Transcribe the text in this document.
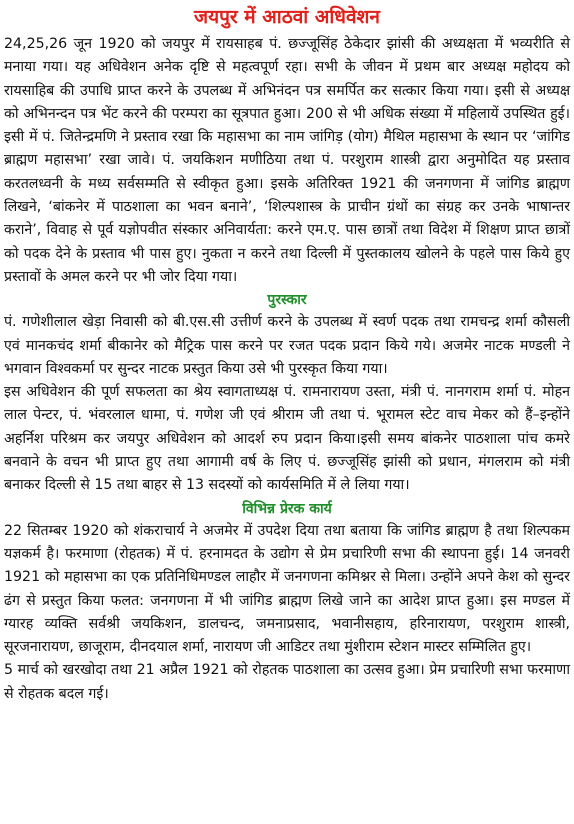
जयपुर में आठवां अधिवेशन

24,25,26 जून 1920 को जयपुर में रायसाहब पं. छज्जूसिंह ठेकेदार झांसी की अध्यक्षता में भव्यरीति से मनाया गया। यह अधिवेशन अनेक दृष्टि से महत्वपूर्ण रहा। सभी के जीवन में प्रथम बार अध्यक्ष महोदय को रायसाहिब की उपाधि प्राप्त करने के उपलब्ध में अभिनंदन पत्र समर्पित कर सत्कार किया गया। इसी से अध्यक्ष को अभिनन्दन पत्र भेंट करने की परम्परा का सूत्रपात हुआ। 200 से भी अधिक संख्या में महिलायें उपस्थित हुई। इसी में पं. जितेन्द्रमणि ने प्रस्ताव रखा कि महासभा का नाम जांगिड़ (योग) मैथिल महासभा के स्थान पर ‘जांगिड ब्राह्मण महासभा’ रखा जावे। पं. जयकिशन मणीठिया तथा पं. परशुराम शास्त्री द्वारा अनुमोदित यह प्रस्ताव करतलध्वनी के मध्य सर्वसम्मति से स्वीकृत हुआ। इसके अतिरिक्त 1921 की जनगणना में जांगिड ब्राह्मण लिखने, ‘बांकनेर में पाठशाला का भवन बनाने’, ‘शिल्पशास्त्र के प्राचीन ग्रंथों का संग्रह कर उनके भाषान्तर कराने’, विवाह से पूर्व यज्ञोपवीत संस्कार अनिवार्यता: करने एम.ए. पास छात्रों तथा विदेश में शिक्षण प्राप्त छात्रों को पदक देने के प्रस्ताव भी पास हुए। नुकता न करने तथा दिल्ली में पुस्तकालय खोलने के पहले पास किये हुए प्रस्तावों के अमल करने पर भी जोर दिया गया।

पुरस्कार

पं. गणेशीलाल खेड़ा निवासी को बी.एस.सी उत्तीर्ण करने के उपलब्ध में स्वर्ण पदक तथा रामचन्द्र शर्मा कौसली एवं मानकचंद शर्मा बीकानेर को मैट्रिक पास करने पर रजत पदक प्रदान किये गये। अजमेर नाटक मण्डली ने भगवान विश्वकर्मा पर सुन्दर नाटक प्रस्तुत किया उसे भी पुरस्कृत किया गया।

इस अधिवेशन की पूर्ण सफलता का श्रेय स्वागताध्यक्ष पं. रामनारायण उस्ता, मंत्री पं. नानगराम शर्मा पं. मोहन लाल पेन्टर, पं. भंवरलाल धामा, पं. गणेश जी एवं श्रीराम जी तथा पं. भूरामल स्टेट वाच मेकर को हैं–इन्होंने अहर्निश परिश्रम कर जयपुर अधिवेशन को आदर्श रुप प्रदान किया।इसी समय बांकनेर पाठशाला पांच कमरे बनवाने के वचन भी प्राप्त हुए तथा आगामी वर्ष के लिए पं. छज्जूसिंह झांसी को प्रधान, मंगलराम को मंत्री बनाकर दिल्ली से 15 तथा बाहर से 13 सदस्यों को कार्यसमिति में ले लिया गया।

विभिन्न प्रेरक कार्य

22 सितम्बर 1920 को शंकराचार्य ने अजमेर में उपदेश दिया तथा बताया कि जांगिड ब्राह्मण है तथा शिल्पकम यज्ञकर्म है। फरमाणा (रोहतक) में पं. हरनामदत के उद्योग से प्रेम प्रचारिणी सभा की स्थापना हुई। 14 जनवरी 1921 को महासभा का एक प्रतिनिधिमण्डल लाहौर में जनगणना कमिश्नर से मिला। उन्होंने अपने केश को सुन्दर ढंग से प्रस्तुत किया फलत: जनगणना में भी जांगिड ब्राह्मण लिखे जाने का आदेश प्राप्त हुआ। इस मण्डल में ग्यारह व्यक्ति सर्वश्री जयकिशन, डालचन्द, जमनाप्रसाद, भवानीसहाय, हरिनारायण, परशुराम शास्त्री, सूरजनारायण, छाजूराम, दीनदयाल शर्मा, नारायण जी आडिटर तथा मुंशीराम स्टेशन मास्टर सम्मिलित हुए।

5 मार्च को खरखोदा तथा 21 अप्रैल 1921 को रोहतक पाठशाला का उत्सव हुआ। प्रेम प्रचारिणी सभा फरमाणा से रोहतक बदल गई।
